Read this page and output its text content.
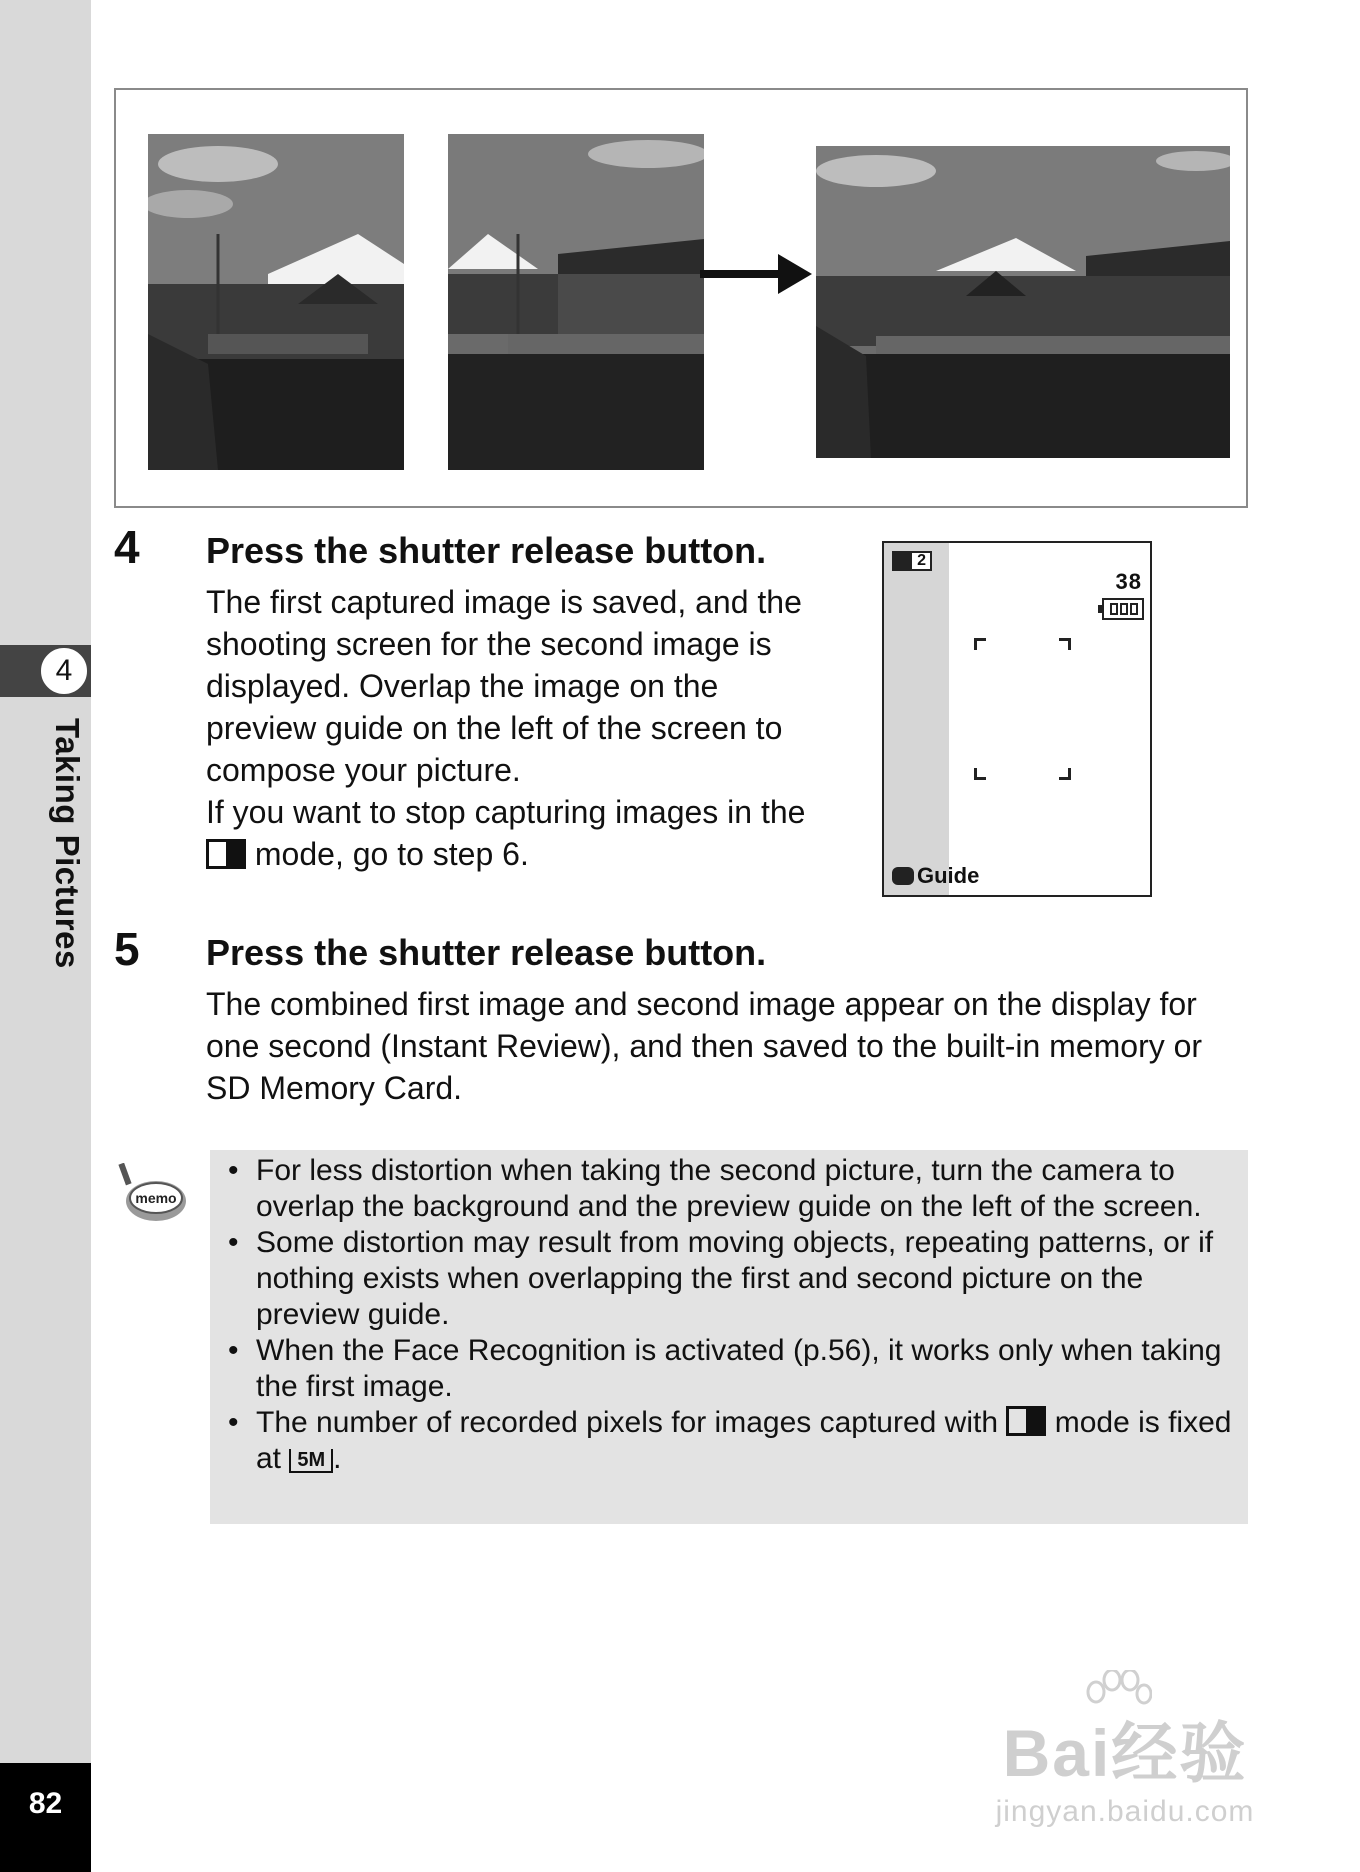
4
Taking Pictures
82
4 Press the shutter release button.
The first captured image is saved, and the
shooting screen for the second image is
displayed. Overlap the image on the
preview guide on the left of the screen to
compose your picture.
If you want to stop capturing images in the
mode, go to step 6.
2
38
Guide
5 Press the shutter release button.
The combined first image and second image appear on the display for
one second (Instant Review), and then saved to the built-in memory or
SD Memory Card.
memo
• For less distortion when taking the second picture, turn the camera to overlap the background and the preview guide on the left of the screen.
• Some distortion may result from moving objects, repeating patterns, or if nothing exists when overlapping the first and second picture on the preview guide.
• When the Face Recognition is activated (p.56), it works only when taking the first image.
• The number of recorded pixels for images captured with  mode is fixed at 5M .
Bai经验
jingyan.baidu.com
